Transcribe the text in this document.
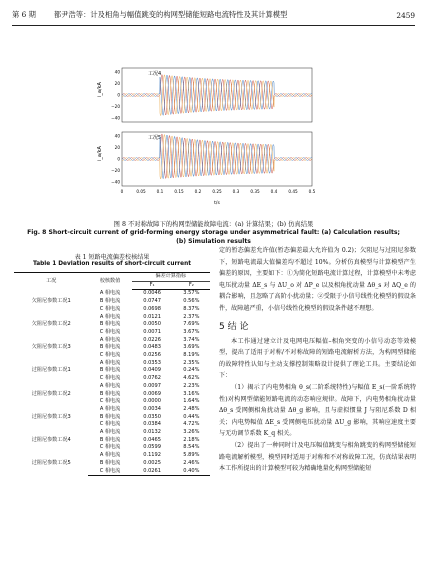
第 6 期	都尹浩等：计及相角与幅值跳变的构网型储能短路电流特性及其计算模型	2459
工况4
i_a/kA
40
20
0
−20
−40
工况5
i_a/kA
40
20
0
−20
−40
0	0.05	0.1	0.15	0.2	0.25	0.3	0.35	0.4	0.45	0.5
t/s
图 8 不对称故障下的构网型储能故障电流：(a) 计算结果；(b) 仿真结果
Fig. 8 Short-circuit current of grid-forming energy storage under asymmetrical fault: (a) Calculation results; (b) Simulation results
表 1 短路电流偏差校核结果
Table 1 Deviation results of short-circuit current
工况	校核数值	偏差计算指标	
		F₁	F₂
欠阻尼参数工况1	A 相电流	0.0046	3.57%
	B 相电流	0.0747	0.56%
	C 相电流	0.0698	8.37%
欠阻尼参数工况2	A 相电流	0.0121	2.37%
	B 相电流	0.0050	7.69%
	C 相电流	0.0071	3.67%
欠阻尼参数工况3	A 相电流	0.0226	3.74%
	B 相电流	0.0483	3.69%
	C 相电流	0.0256	8.19%
过阻尼参数工况1	A 相电流	0.0353	2.35%
	B 相电流	0.0409	0.24%
	C 相电流	0.0762	4.62%
过阻尼参数工况2	A 相电流	0.0097	2.23%
	B 相电流	0.0069	3.16%
	C 相电流	0.0000	1.64%
过阻尼参数工况3	A 相电流	0.0034	2.48%
	B 相电流	0.0350	0.44%
	C 相电流	0.0384	4.72%
过阻尼参数工况4	A 相电流	0.0132	3.26%
	B 相电流	0.0465	2.18%
	C 相电流	0.0599	8.54%
过阻尼参数工况5	A 相电流	0.1192	5.89%
	B 相电流	0.0025	2.46%
	C 相电流	0.0261	0.40%

定的暂态偏差允许值(暂态偏差最大允许值为 0.2)；欠阻尼与过阻尼参数下，短路电流最大值偏差均不超过 10%。分析仿真模型与计算模型产生偏差的原因，主要如下：①为简化短路电流计算过程，计算模型中未考虑电压扰动量 ΔE_s 与 ΔU_o 对 ΔP_e 以及相角扰动量 Δθ_s 对 ΔQ_e 的耦合影响，且忽略了高阶小扰动量；②受限于小信号线性化模型的假设条件，故障越严重，小信号线性化模型的假设条件越不理想。

5 结 论

本工作通过建立计及电网电压幅值–相角突变的小信号动态等效模型，提出了适用于对称/不对称故障的短路电流解析方法，为构网型储能的故障特性认知与主动支撑控制策略设计提供了理论工具。主要结论如下：

（1）揭示了内电势相角 θ_s(二阶系统特性)与幅值 E_s(一阶系统特性)对构网型储能短路电流的动态响应规律。故障下，内电势相角扰动量 Δθ_s 受网侧相角扰动量 Δθ_g 影响，且与虚拟惯量 J 与阻尼系数 D 相关；内电势幅值 ΔE_s 受网侧电压扰动量 ΔU_g 影响，其响应速度主要与无功调节系数 K_q 相关。

（2）提出了一种同时计及电压幅值跳变与相角跳变的构网型储能短路电流解析模型，模型同时适用于对称和不对称故障工况，仿真结果表明本工作所提出的计算模型可较为精确地量化构网型储能短
